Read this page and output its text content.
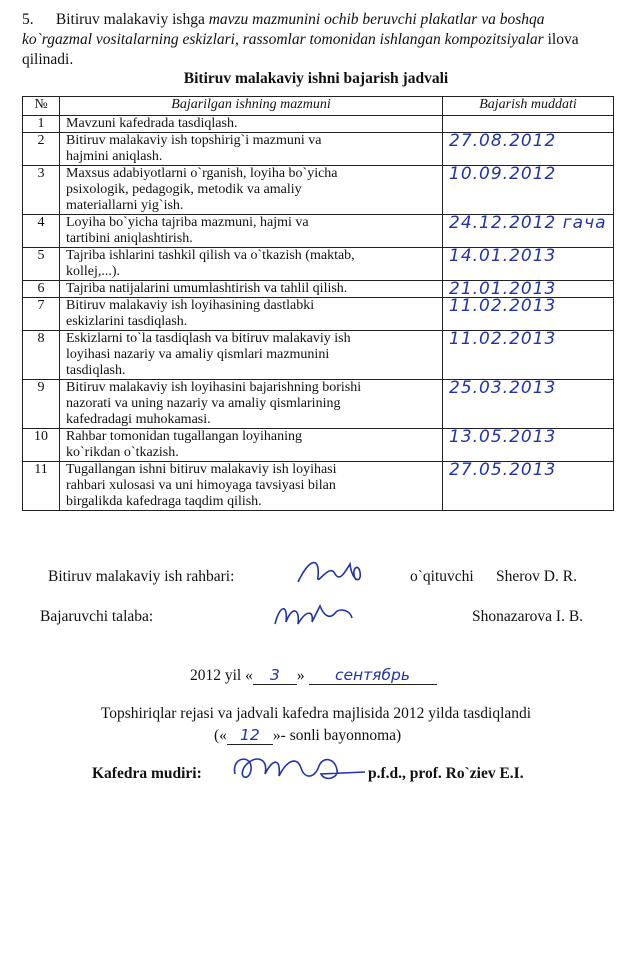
5. Bitiruv malakaviy ishga mavzu mazmunini ochib beruvchi plakatlar va boshqa ko`rgazmal vositalarning eskizlari, rassomlar tomonidan ishlangan kompozitsiyalar ilova qilinadi.
Bitiruv malakaviy ishni bajarish jadvali
№	Bajarilgan ishning mazmuni	Bajarish muddati
1	Mavzuni kafedrada tasdiqlash.	

2	Bitiruv malakaviy ish topshirig`i mazmuni va
hajmini aniqlash.	27.08.2012
3	Maxsus adabiyotlarni o`rganish, loyiha bo`yicha
psixologik, pedagogik, metodik va amaliy
materiallarni yig`ish.	10.09.2012
4	Loyiha bo`yicha tajriba mazmuni, hajmi va
tartibini aniqlashtirish.	24.12.2012 гача
5	Tajriba ishlarini tashkil qilish va o`tkazish (maktab,
kollej,...).	14.01.2013
6	Tajriba natijalarini umumlashtirish va tahlil qilish.	21.01.2013
7	Bitiruv malakaviy ish loyihasining dastlabki
eskizlarini tasdiqlash.	11.02.2013
8	Eskizlarni to`la tasdiqlash va bitiruv malakaviy ish
loyihasi nazariy va amaliy qismlari mazmunini
tasdiqlash.	11.02.2013
9	Bitiruv malakaviy ish loyihasini bajarishning borishi
nazorati va uning nazariy va amaliy qismlarining
kafedradagi muhokamasi.	25.03.2013
10	Rahbar tomonidan tugallangan loyihaning
ko`rikdan o`tkazish.	13.05.2013
11	Tugallangan ishni bitiruv malakaviy ish loyihasi
rahbari xulosasi va uni himoyaga tavsiyasi bilan
birgalikda kafedraga taqdim qilish.	27.05.2013
Bitiruv malakaviy ish rahbari:	o`qituvchi Sherov D. R.
Bajaruvchi talaba:	Shonazarova I. B.
2012 yil « 3 » сентябрь
Topshiriqlar rejasi va jadvali kafedra majlisida 2012 yilda tasdiqlandi
(« 12 »- sonli bayonnoma)
Kafedra mudiri:	p.f.d., prof. Ro`ziev E.I.
